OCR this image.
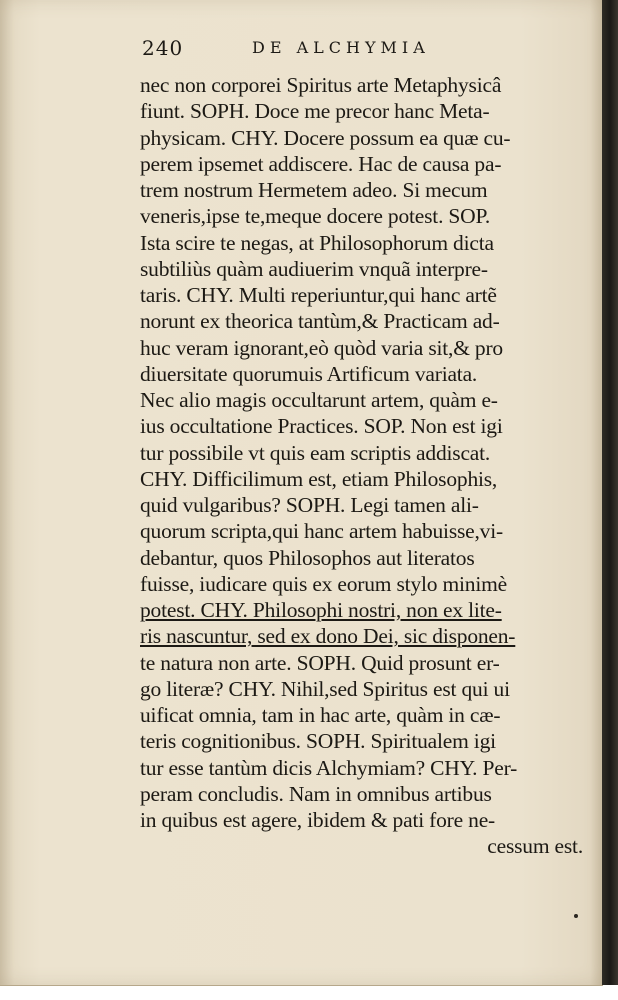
240	DE ALCHYMIA
nec non corporei Spiritus arte Metaphysicâ
fiunt. SOPH. Doce me precor hanc Meta-
physicam. CHY. Docere possum ea quæ cu-
perem ipsemet addiscere. Hac de causa pa-
trem nostrum Hermetem adeo. Si mecum
veneris,ipse te,meque docere potest. SOP.
Ista scire te negas, at Philosophorum dicta
subtiliùs quàm audiuerim vnquã interpre-
taris. CHY. Multi reperiuntur,qui hanc artẽ
norunt ex theorica tantùm,& Practicam ad-
huc veram ignorant,eò quòd varia sit,& pro
diuersitate quorumuis Artificum variata.
Nec alio magis occultarunt artem, quàm e-
ius occultatione Practices. SOP. Non est igi
tur possibile vt quis eam scriptis addiscat.
CHY. Difficilimum est, etiam Philosophis,
quid vulgaribus? SOPH. Legi tamen ali-
quorum scripta,qui hanc artem habuisse,vi-
debantur, quos Philosophos aut literatos
fuisse, iudicare quis ex eorum stylo minimè
potest. CHY. Philosophi nostri, non ex lite-
ris nascuntur, sed ex dono Dei, sic disponen-
te natura non arte. SOPH. Quid prosunt er-
go literæ? CHY. Nihil,sed Spiritus est qui ui
uificat omnia, tam in hac arte, quàm in cæ-
teris cognitionibus. SOPH. Spiritualem igi
tur esse tantùm dicis Alchymiam? CHY. Per-
peram concludis. Nam in omnibus artibus
in quibus est agere, ibidem & pati fore ne-
cessum est.
